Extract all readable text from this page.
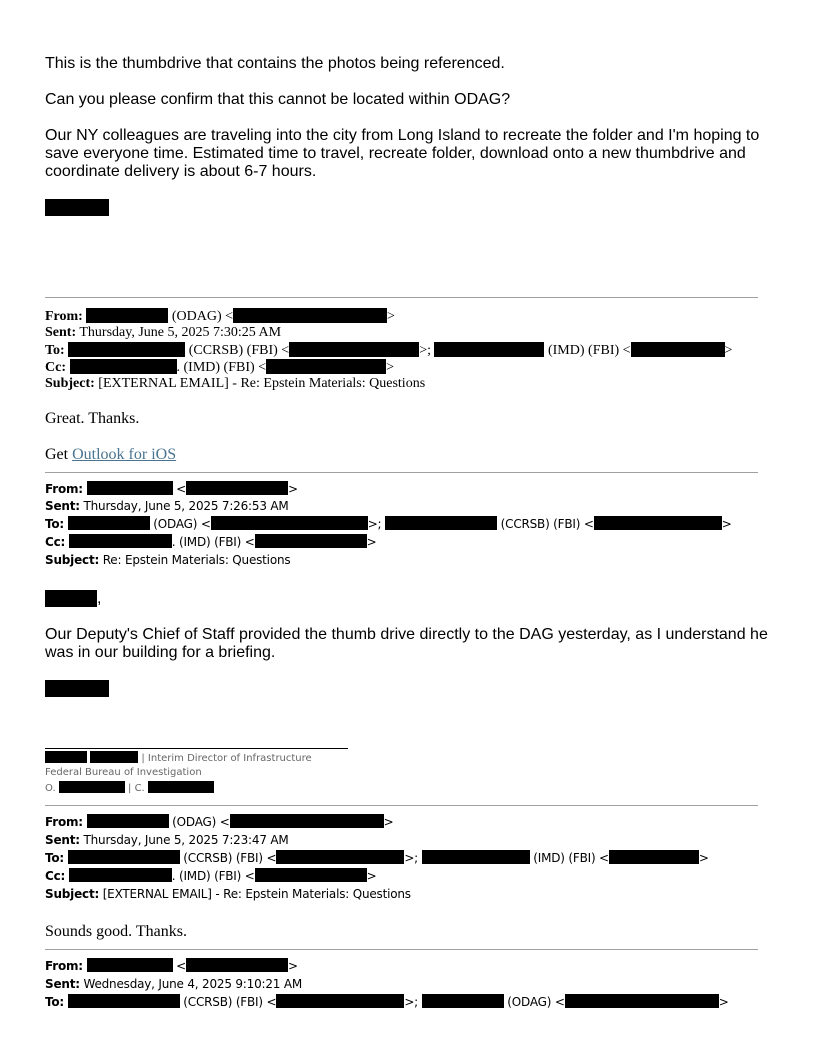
This is the thumbdrive that contains the photos being referenced.
Can you please confirm that this cannot be located within ODAG?
Our NY colleagues are traveling into the city from Long Island to recreate the folder and I'm hoping to
save everyone time. Estimated time to travel, recreate folder, download onto a new thumbdrive and
coordinate delivery is about 6-7 hours.
From:	(ODAG) <	>
Sent: Thursday, June 5, 2025 7:30:25 AM
To:	(CCRSB) (FBI) <	>;	(IMD) (FBI) <	>
Cc:	. (IMD) (FBI) <	>
Subject: [EXTERNAL EMAIL] - Re: Epstein Materials: Questions
Great. Thanks.
Get Outlook for iOS
From:	<	>
Sent: Thursday, June 5, 2025 7:26:53 AM
To:	(ODAG) <	>;	(CCRSB) (FBI) <	>
Cc:	. (IMD) (FBI) <	>
Subject: Re: Epstein Materials: Questions
,
Our Deputy's Chief of Staff provided the thumb drive directly to the DAG yesterday, as I understand he
was in our building for a briefing.
| Interim Director of Infrastructure
Federal Bureau of Investigation
O.	| C.
From:	(ODAG) <	>
Sent: Thursday, June 5, 2025 7:23:47 AM
To:	(CCRSB) (FBI) <	>;	(IMD) (FBI) <	>
Cc:	. (IMD) (FBI) <	>
Subject: [EXTERNAL EMAIL] - Re: Epstein Materials: Questions
Sounds good. Thanks.
From:	<	>
Sent: Wednesday, June 4, 2025 9:10:21 AM
To:	(CCRSB) (FBI) <	>;	(ODAG) <	>
